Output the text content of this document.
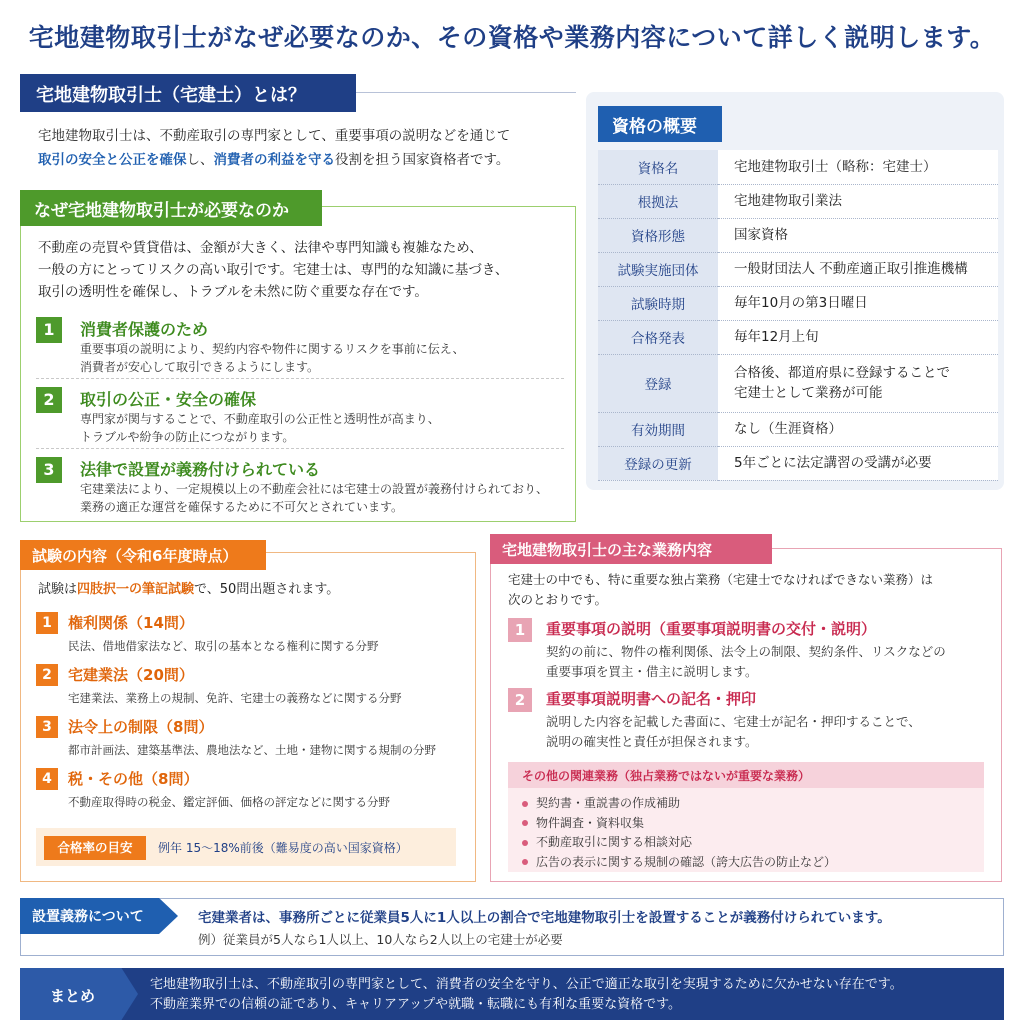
宅地建物取引士がなぜ必要なのか、その資格や業務内容について詳しく説明します。
宅地建物取引士（宅建士）とは？
宅地建物取引士は、不動産取引の専門家として、重要事項の説明などを通じて
取引の安全と公正を確保し、消費者の利益を守る役割を担う国家資格者です。
なぜ宅地建物取引士が必要なのか
不動産の売買や賃貸借は、金額が大きく、法律や専門知識も複雑なため、
一般の方にとってリスクの高い取引です。宅建士は、専門的な知識に基づき、
取引の透明性を確保し、トラブルを未然に防ぐ重要な存在です。
1	消費者保護のため
重要事項の説明により、契約内容や物件に関するリスクを事前に伝え、
消費者が安心して取引できるようにします。
2	取引の公正・安全の確保
専門家が関与することで、不動産取引の公正性と透明性が高まり、
トラブルや紛争の防止につながります。
3	法律で設置が義務付けられている
宅建業法により、一定規模以上の不動産会社には宅建士の設置が義務付けられており、
業務の適正な運営を確保するために不可欠とされています。
資格の概要
資格名	宅地建物取引士（略称：宅建士）
根拠法	宅地建物取引業法
資格形態	国家資格
試験実施団体	一般財団法人 不動産適正取引推進機構
試験時期	毎年10月の第3日曜日
合格発表	毎年12月上旬
登録	合格後、都道府県に登録することで
宅建士として業務が可能

有効期間	なし（生涯資格）
登録の更新	5年ごとに法定講習の受講が必要
試験の内容（令和6年度時点）
試験は四肢択一の筆記試験で、50問出題されます。
1	権利関係（14問）
民法、借地借家法など、取引の基本となる権利に関する分野
2	宅建業法（20問）
宅建業法、業務上の規制、免許、宅建士の義務などに関する分野
3	法令上の制限（8問）
都市計画法、建築基準法、農地法など、土地・建物に関する規制の分野
4	税・その他（8問）
不動産取得時の税金、鑑定評価、価格の評定などに関する分野
合格率の目安	例年 15〜18%前後（難易度の高い国家資格）
宅地建物取引士の主な業務内容
宅建士の中でも、特に重要な独占業務（宅建士でなければできない業務）は
次のとおりです。
1	重要事項の説明（重要事項説明書の交付・説明）
契約の前に、物件の権利関係、法令上の制限、契約条件、リスクなどの
重要事項を買主・借主に説明します。
2	重要事項説明書への記名・押印
説明した内容を記載した書面に、宅建士が記名・押印することで、
説明の確実性と責任が担保されます。
その他の関連業務（独占業務ではないが重要な業務）
契約書・重説書の作成補助
物件調査・資料収集
不動産取引に関する相談対応
広告の表示に関する規制の確認（誇大広告の防止など）
設置義務について	宅建業者は、事務所ごとに従業員5人に1人以上の割合で宅地建物取引士を設置することが義務付けられています。
例）従業員が5人なら1人以上、10人なら2人以上の宅建士が必要
まとめ
宅地建物取引士は、不動産取引の専門家として、消費者の安全を守り、公正で適正な取引を実現するために欠かせない存在です。
不動産業界での信頼の証であり、キャリアアップや就職・転職にも有利な重要な資格です。
